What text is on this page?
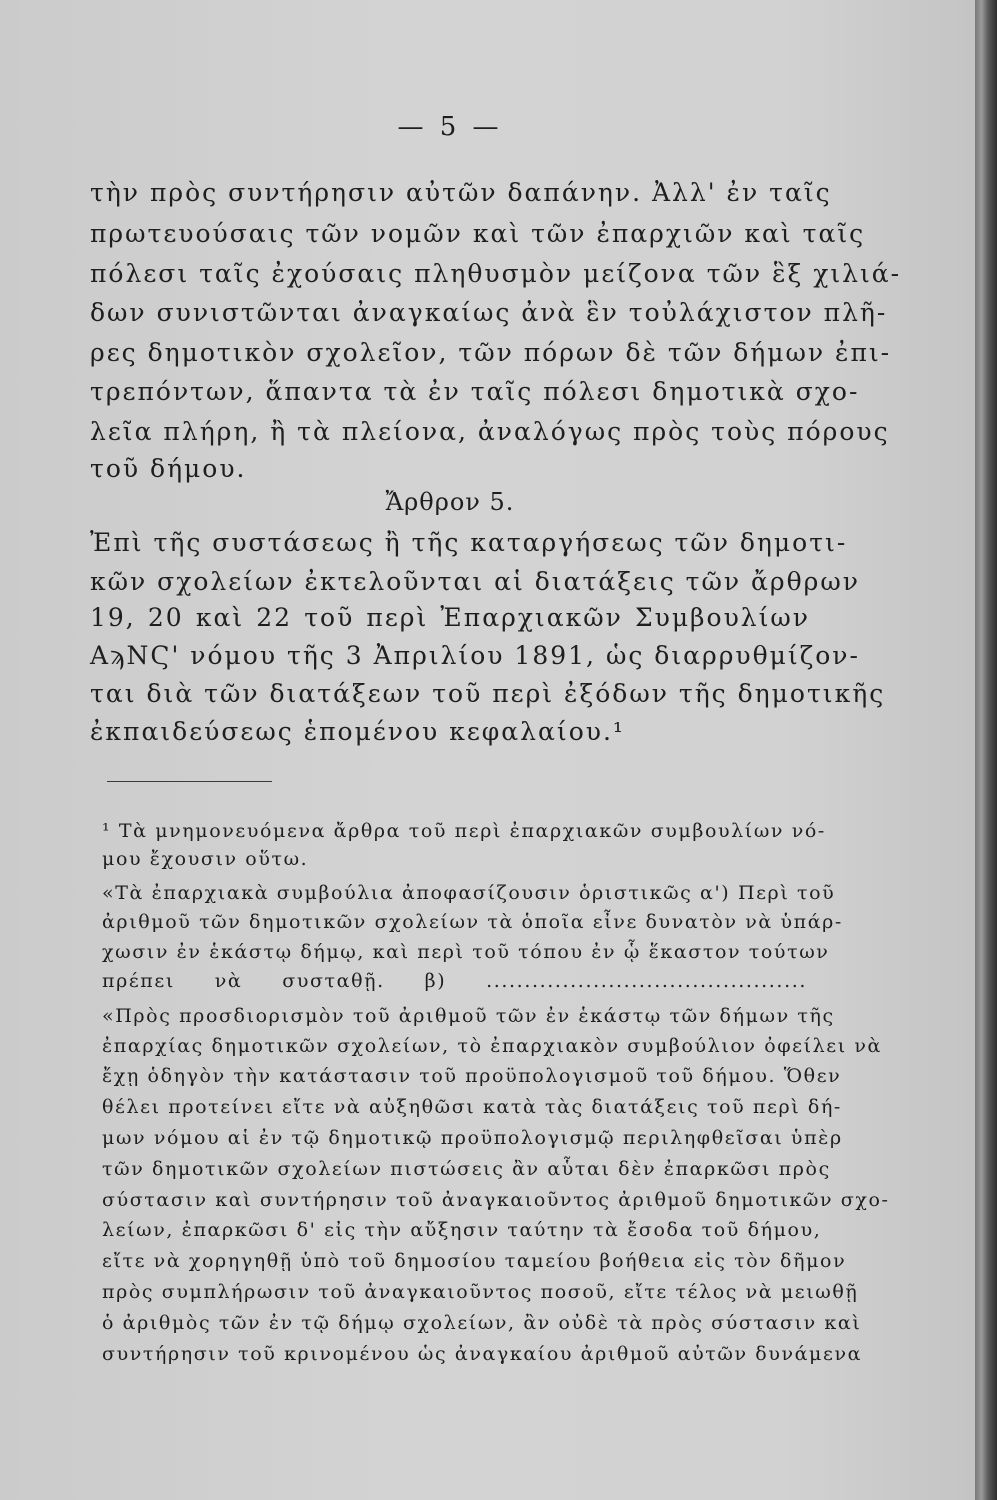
— 5 —
τὴν πρὸς συντήρησιν αὐτῶν δαπάνην. Ἀλλ' ἐν ταῖς
πρωτευούσαις τῶν νομῶν καὶ τῶν ἐπαρχιῶν καὶ ταῖς
πόλεσι ταῖς ἐχούσαις πληθυσμὸν μείζονα τῶν ἓξ χιλιά-
δων συνιστῶνται ἀναγκαίως ἀνὰ ἓν τοὐλάχιστον πλῆ-
ρες δημοτικὸν σχολεῖον, τῶν πόρων δὲ τῶν δήμων ἐπι-
τρεπόντων, ἅπαντα τὰ ἐν ταῖς πόλεσι δημοτικὰ σχο-
λεῖα πλήρη, ἢ τὰ πλείονα, ἀναλόγως πρὸς τοὺς πόρους
τοῦ δήμου.
Ἄρθρον 5.
Ἐπὶ τῆς συστάσεως ἢ τῆς καταργήσεως τῶν δημοτι-
κῶν σχολείων ἐκτελοῦνται αἱ διατάξεις τῶν ἄρθρων
19, 20 καὶ 22 τοῦ περὶ Ἐπαρχιακῶν Συμβουλίων
ΑϡΝϚ' νόμου τῆς 3 Ἀπριλίου 1891, ὡς διαρρυθμίζον-
ται διὰ τῶν διατάξεων τοῦ περὶ ἐξόδων τῆς δημοτικῆς
ἐκπαιδεύσεως ἑπομένου κεφαλαίου.¹
¹ Τὰ μνημονευόμενα ἄρθρα τοῦ περὶ ἐπαρχιακῶν συμβουλίων νό-
μου ἔχουσιν οὕτω.
«Τὰ ἐπαρχιακὰ συμβούλια ἀποφασίζουσιν ὁριστικῶς α') Περὶ τοῦ
ἀριθμοῦ τῶν δημοτικῶν σχολείων τὰ ὁποῖα εἶνε δυνατὸν νὰ ὑπάρ-
χωσιν ἐν ἑκάστῳ δήμῳ, καὶ περὶ τοῦ τόπου ἐν ᾧ ἕκαστον τούτων
πρέπει νὰ συσταθῇ. β) ..........................................
«Πρὸς προσδιορισμὸν τοῦ ἀριθμοῦ τῶν ἐν ἑκάστῳ τῶν δήμων τῆς
ἐπαρχίας δημοτικῶν σχολείων, τὸ ἐπαρχιακὸν συμβούλιον ὀφείλει νὰ
ἔχῃ ὁδηγὸν τὴν κατάστασιν τοῦ προϋπολογισμοῦ τοῦ δήμου. Ὅθεν
θέλει προτείνει εἴτε νὰ αὐξηθῶσι κατὰ τὰς διατάξεις τοῦ περὶ δή-
μων νόμου αἱ ἐν τῷ δημοτικῷ προϋπολογισμῷ περιληφθεῖσαι ὑπὲρ
τῶν δημοτικῶν σχολείων πιστώσεις ἂν αὗται δὲν ἐπαρκῶσι πρὸς
σύστασιν καὶ συντήρησιν τοῦ ἀναγκαιοῦντος ἀριθμοῦ δημοτικῶν σχο-
λείων, ἐπαρκῶσι δ' εἰς τὴν αὔξησιν ταύτην τὰ ἔσοδα τοῦ δήμου,
εἴτε νὰ χορηγηθῇ ὑπὸ τοῦ δημοσίου ταμείου βοήθεια εἰς τὸν δῆμον
πρὸς συμπλήρωσιν τοῦ ἀναγκαιοῦντος ποσοῦ, εἴτε τέλος νὰ μειωθῇ
ὁ ἀριθμὸς τῶν ἐν τῷ δήμῳ σχολείων, ἂν οὐδὲ τὰ πρὸς σύστασιν καὶ
συντήρησιν τοῦ κρινομένου ὡς ἀναγκαίου ἀριθμοῦ αὐτῶν δυνάμενα
